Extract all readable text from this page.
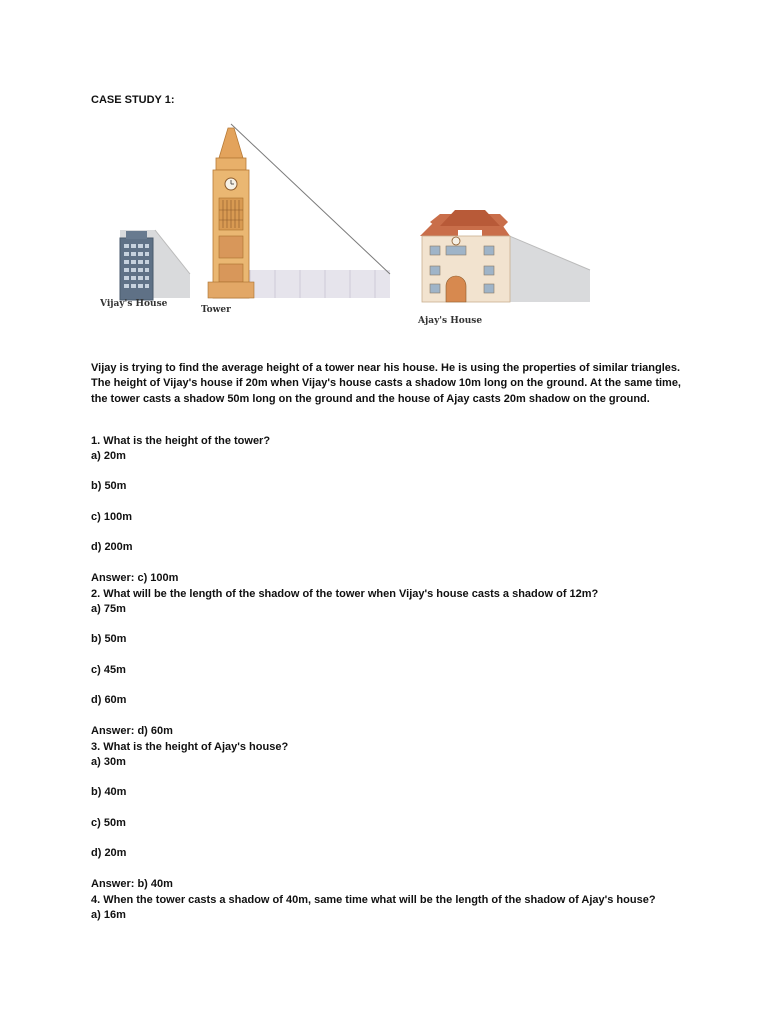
CASE STUDY 1:
Vijay's House
Tower
Ajay's House
Vijay is trying to find the average height of a tower near his house. He is using the properties of similar triangles. The height of Vijay's house if 20m when Vijay's house casts a shadow 10m long on the ground. At the same time, the tower casts a shadow 50m long on the ground and the house of Ajay casts 20m shadow on the ground.
1. What is the height of the tower?
a) 20m
b) 50m
c) 100m
d) 200m
Answer: c) 100m
2. What will be the length of the shadow of the tower when Vijay's house casts a shadow of 12m?
a) 75m
b) 50m
c) 45m
d) 60m
Answer: d) 60m
3. What is the height of Ajay's house?
a) 30m
b) 40m
c) 50m
d) 20m
Answer: b) 40m
4. When the tower casts a shadow of 40m, same time what will be the length of the shadow of Ajay's house?
a) 16m
